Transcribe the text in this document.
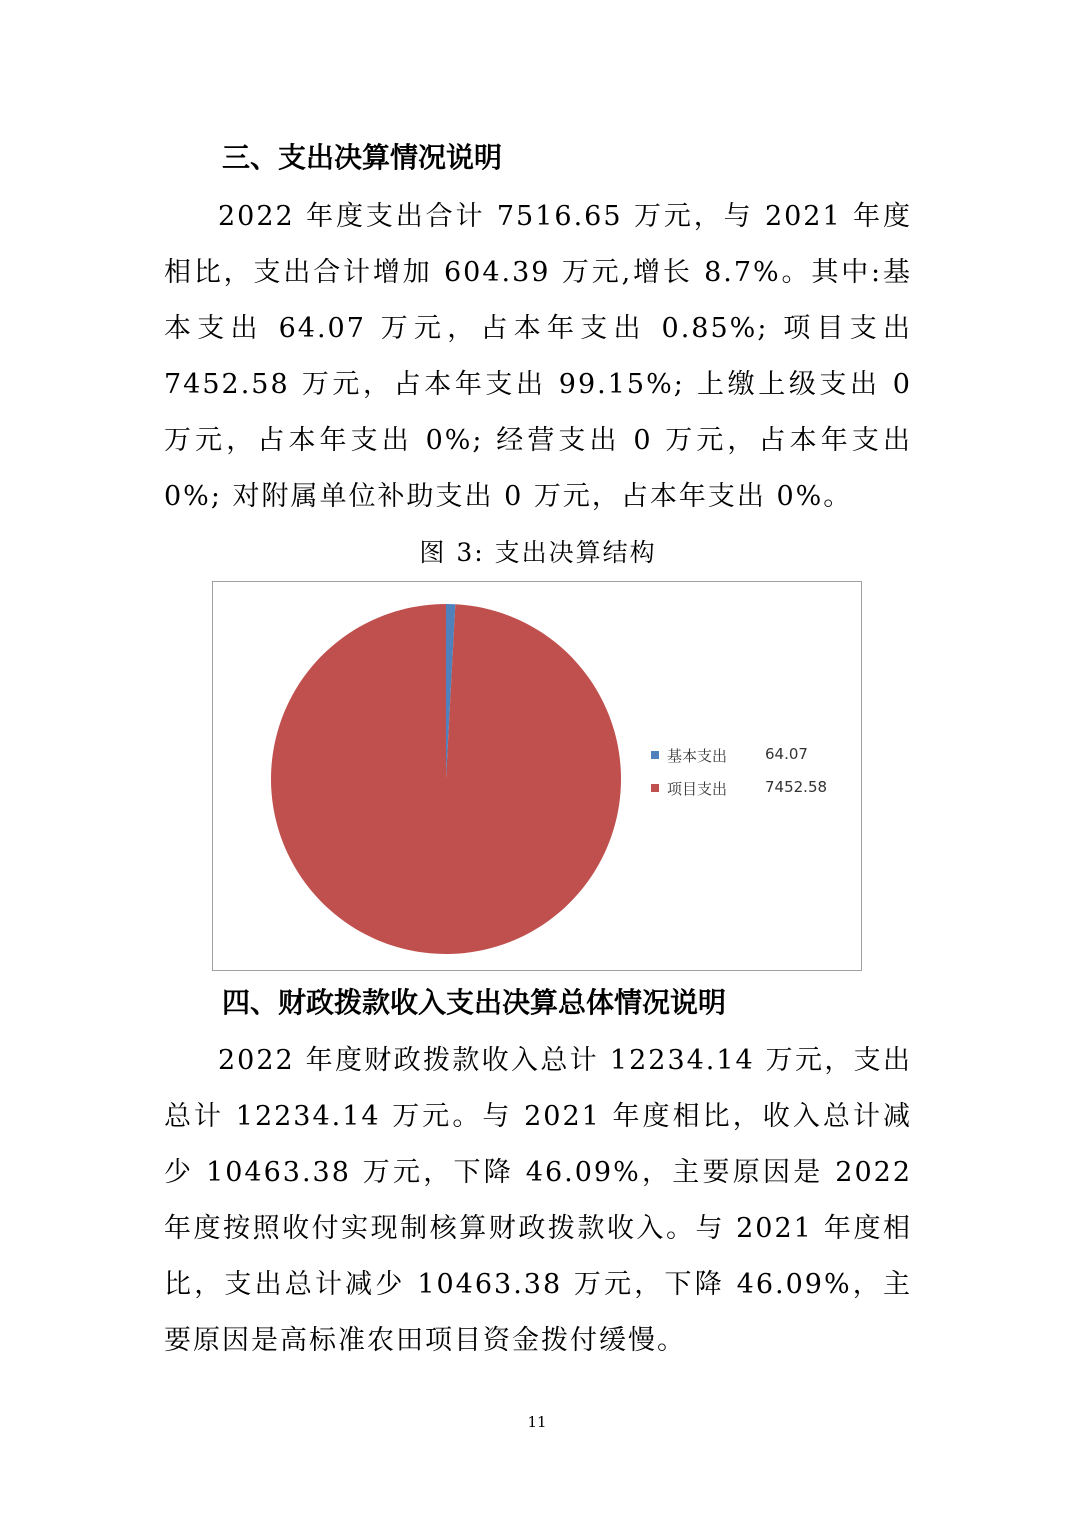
三、支出决算情况说明

2022 年度支出合计 7516.65 万元，与 2021 年度相比，支出合计增加 604.39 万元,增长 8.7%。其中:基本支出 64.07 万元，占本年支出 0.85%; 项目支出 7452.58 万元，占本年支出 99.15%; 上缴上级支出 0 万元，占本年支出 0%; 经营支出 0 万元，占本年支出 0%; 对附属单位补助支出 0 万元，占本年支出 0%。

图 3: 支出决算结构
基本支出	64.07
项目支出	7452.58
四、财政拨款收入支出决算总体情况说明

2022 年度财政拨款收入总计 12234.14 万元，支出总计 12234.14 万元。与 2021 年度相比，收入总计减少 10463.38 万元，下降 46.09%，主要原因是 2022 年度按照收付实现制核算财政拨款收入。与 2021 年度相比，支出总计减少 10463.38 万元，下降 46.09%，主要原因是高标准农田项目资金拨付缓慢。

11
